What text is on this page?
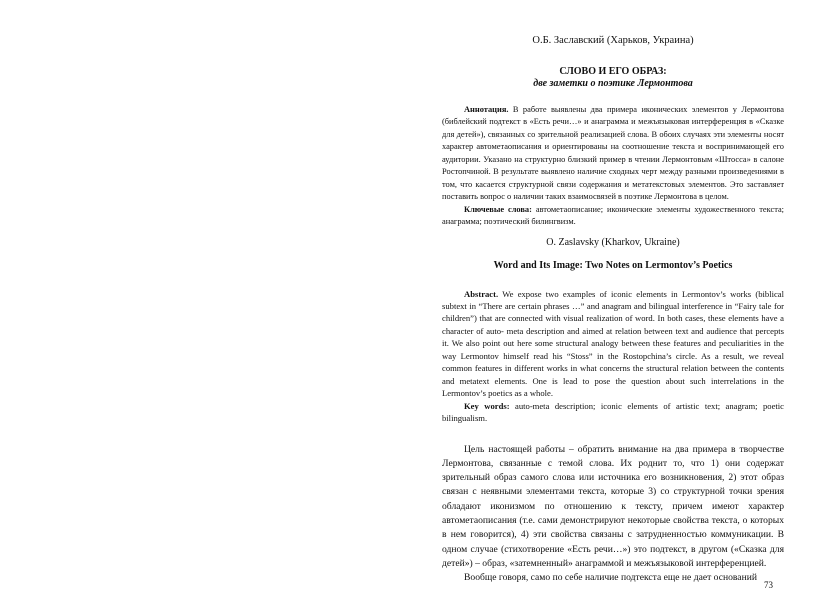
О.Б. Заславский (Харьков, Украина)
СЛОВО И ЕГО ОБРАЗ:
две заметки о поэтике Лермонтова

Аннотация. В работе выявлены два примера иконических элементов у Лермонтова (библейский подтекст в «Есть речи…» и анаграмма и межъязыковая интерференция в «Сказке для детей»), связанных со зрительной реализацией слова. В обоих случаях эти элементы носят характер автометаописания и ориентированы на соотношение текста и воспринимающей его аудитории. Указано на структурно близкий пример в чтении Лермонтовым «Штосса» в салоне Ростопчиной. В результате выявлено наличие сходных черт между разными произведениями в том, что касается структурной связи содержания и метатекстовых элементов. Это заставляет поставить вопрос о наличии таких взаимосвязей в поэтике Лермонтова в целом.

Ключевые слова: автометаописание; иконические элементы художественного текста; анаграмма; поэтический билингвизм.

O. Zaslavsky (Kharkov, Ukraine)
Word and Its Image: Two Notes on Lermontov’s Poetics

Abstract. We expose two examples of iconic elements in Lermontov’s works (biblical subtext in “There are certain phrases …” and anagram and bilingual interference in “Fairy tale for children”) that are connected with visual realization of word. In both cases, these elements have a character of auto- meta description and aimed at relation between text and audience that percepts it. We also point out here some structural analogy between these features and peculiarities in the way Lermontov himself read his “Stoss” in the Rostopchina’s circle. As a result, we reveal common features in different works in what concerns the structural relation between the contents and metatext elements. One is lead to pose the question about such interrelations in the Lermontov’s poetics as a whole.

Key words: auto-meta description; iconic elements of artistic text; anagram; poetic bilingualism.

Цель настоящей работы – обратить внимание на два примера в творчестве Лермонтова, связанные с темой слова. Их роднит то, что 1) они содержат зрительный образ самого слова или источника его возникновения, 2) этот образ связан с неявными элементами текста, которые 3) со структурной точки зрения обладают иконизмом по отношению к тексту, причем имеют характер автометаописания (т.е. сами демонстрируют некоторые свойства текста, о которых в нем говорится), 4) эти свойства связаны с затрудненностью коммуникации. В одном случае (стихотворение «Есть речи…») это подтекст, в другом («Сказка для детей») – образ, «затемненный» анаграммой и межъязыковой интерференцией.

Вообще говоря, само по себе наличие подтекста еще не дает оснований

73
